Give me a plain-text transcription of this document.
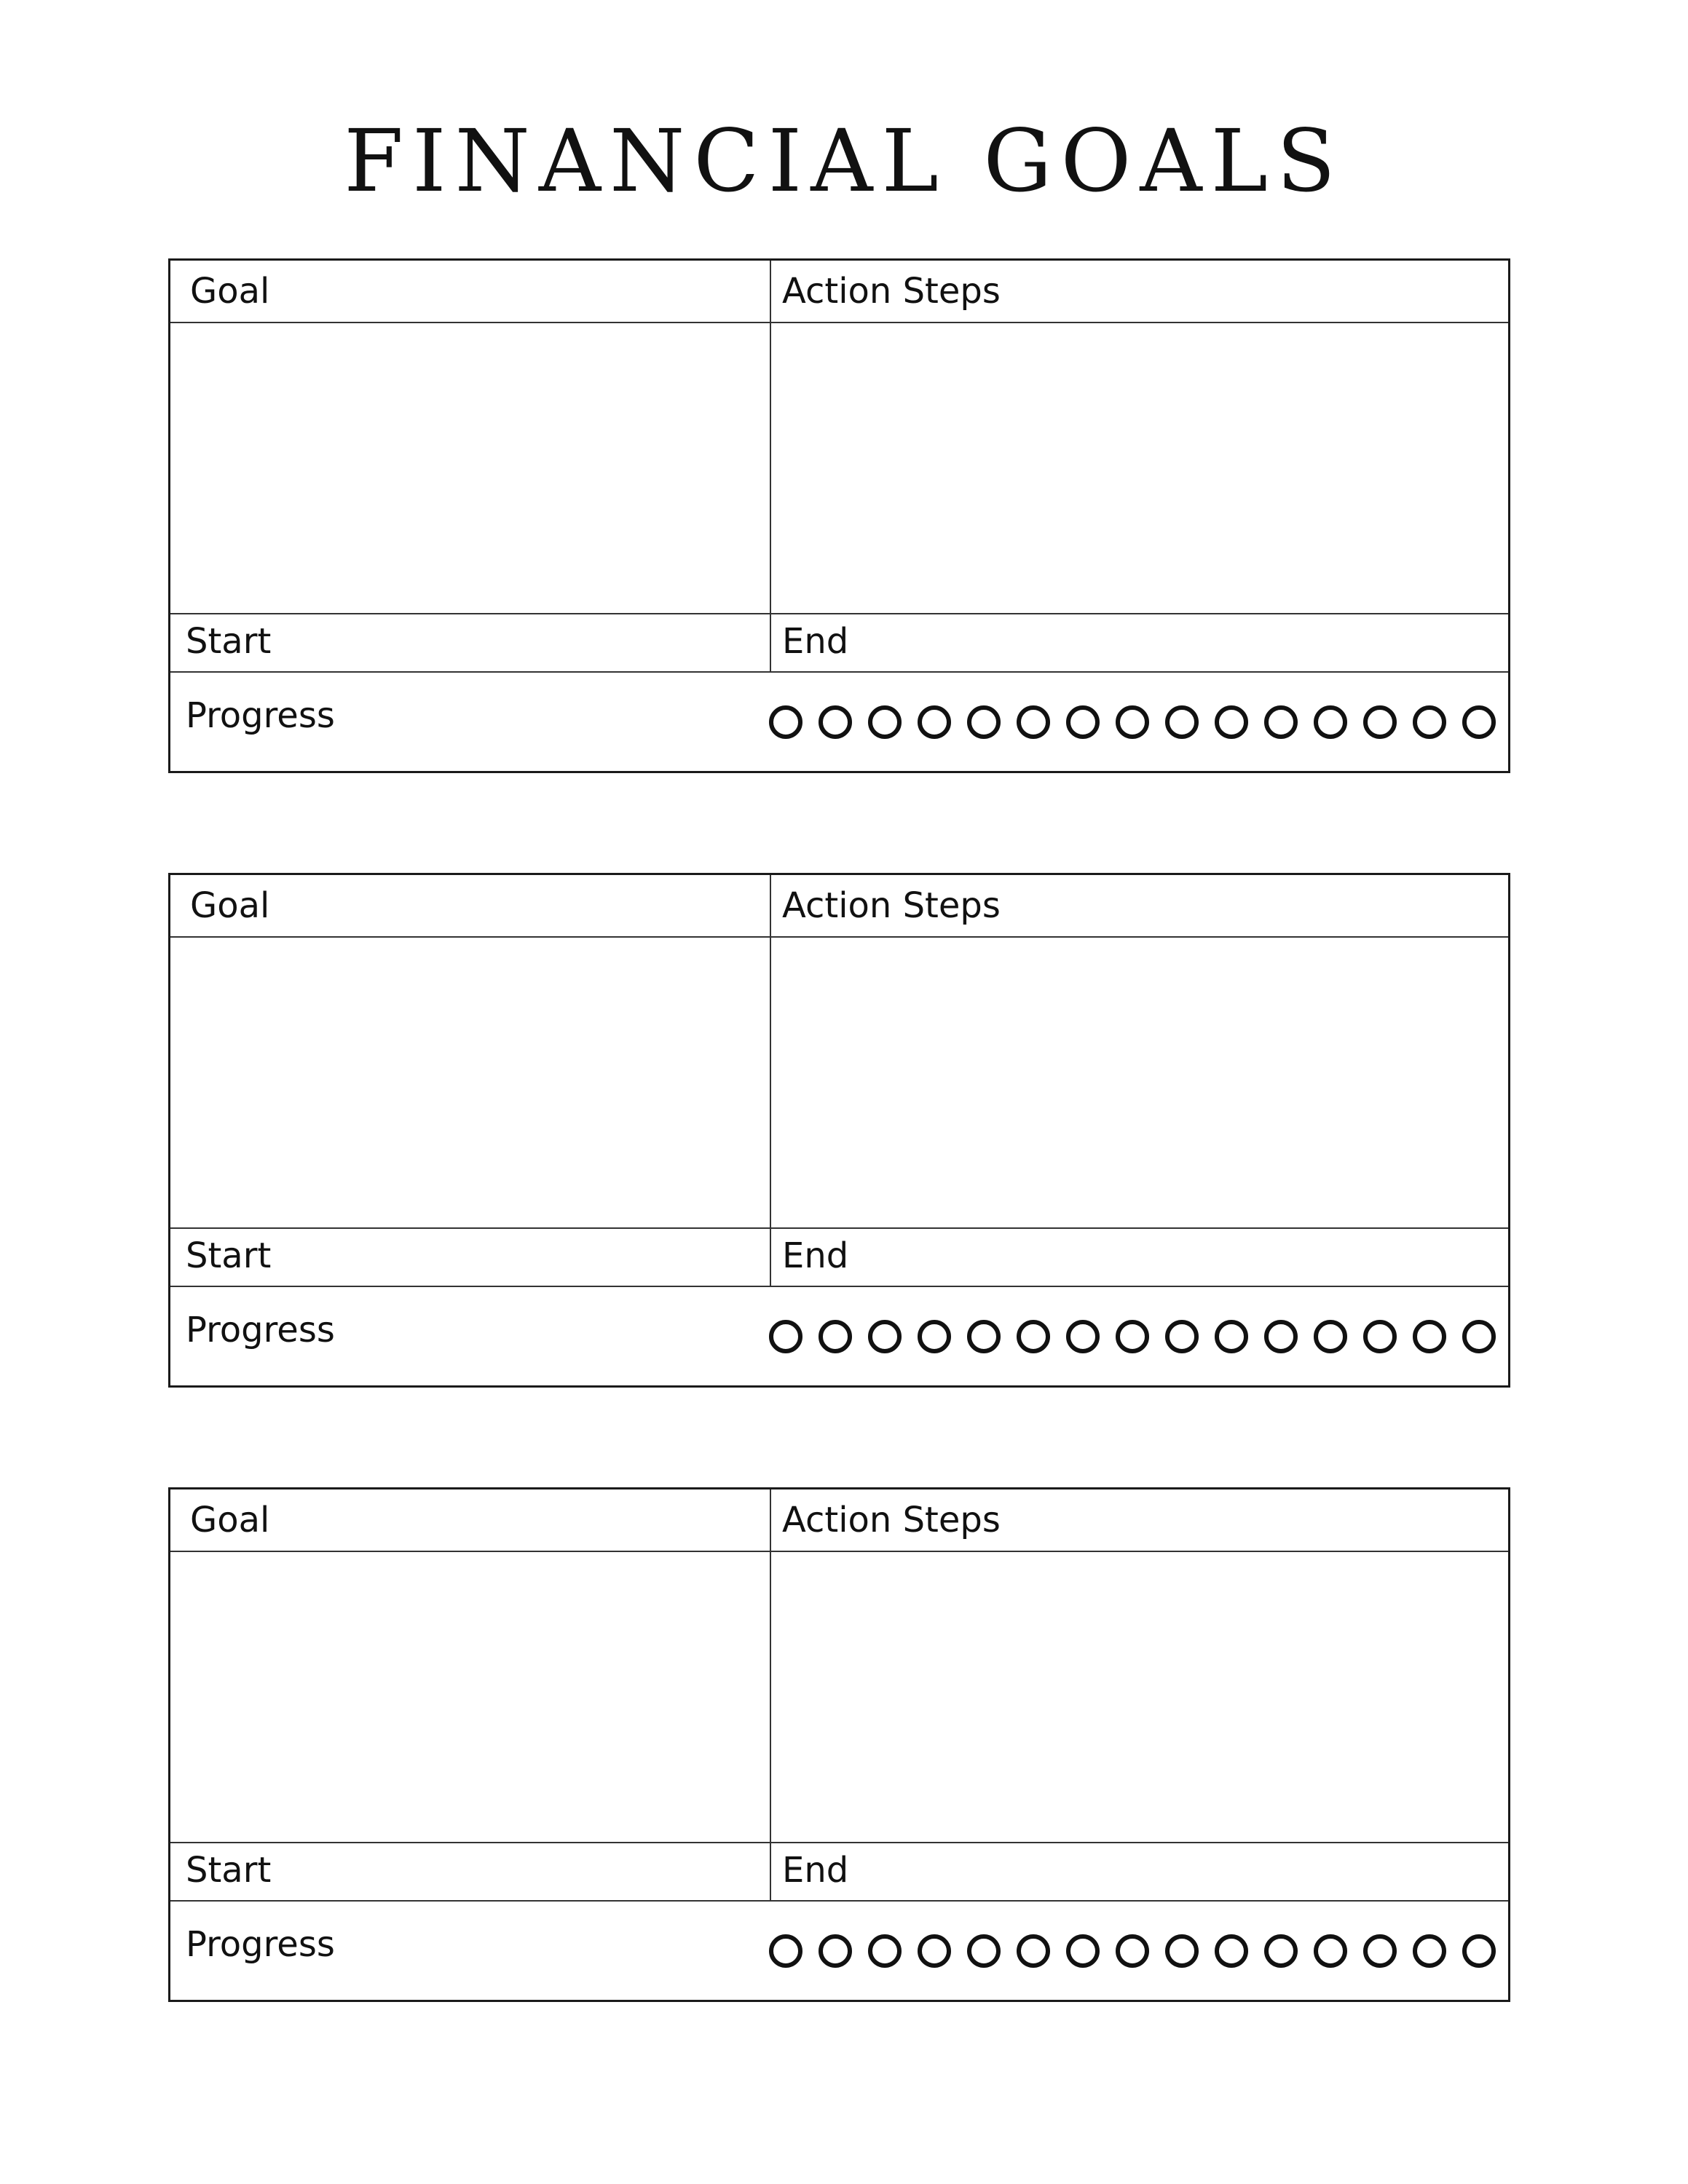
FINANCIAL GOALS
Goal	Action Steps
Start	End
Progress
Goal	Action Steps
Start	End
Progress
Goal	Action Steps
Start	End
Progress
